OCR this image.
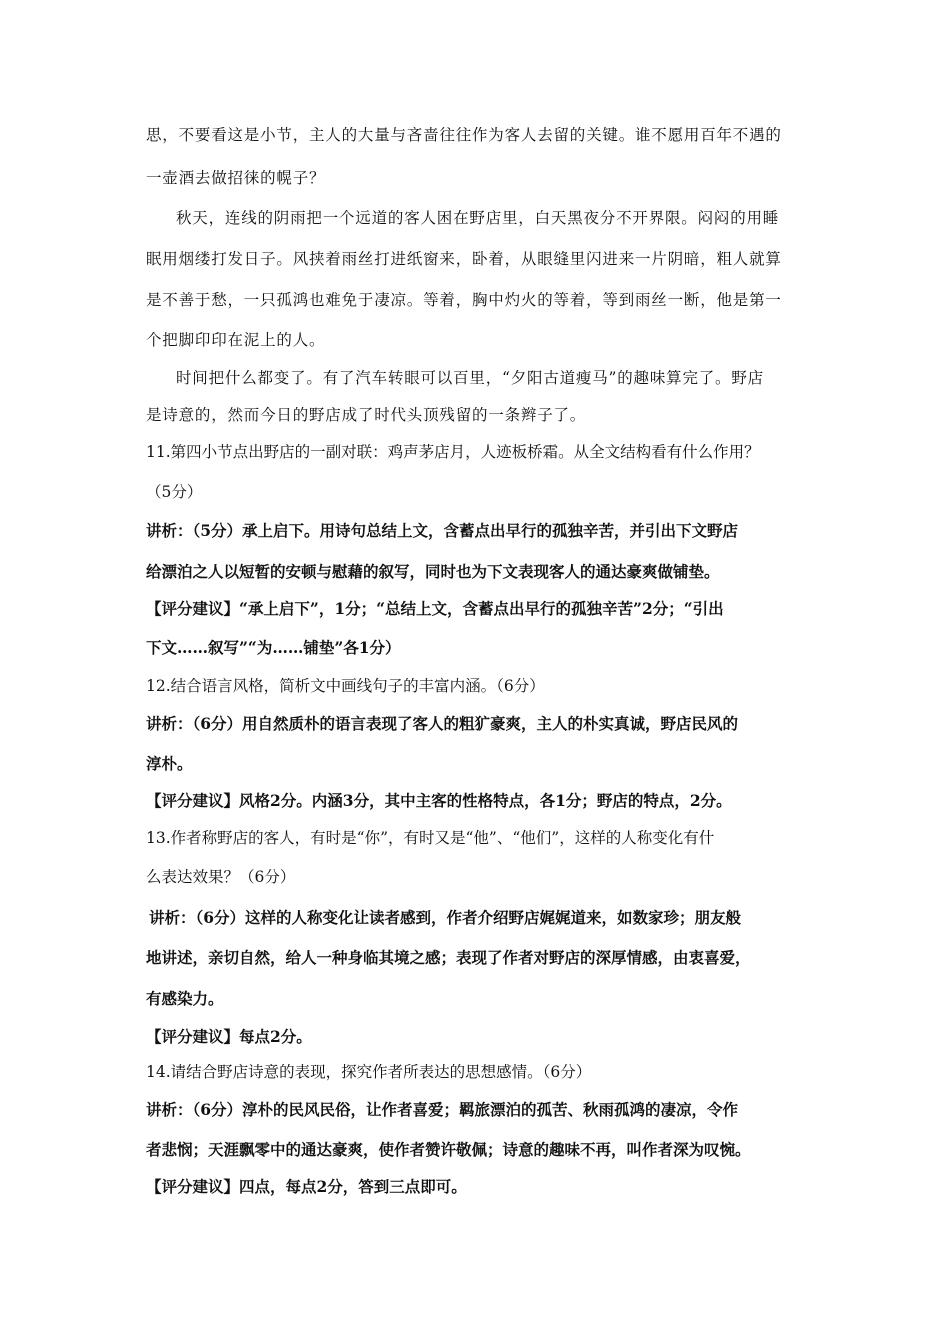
思，不要看这是小节，主人的大量与吝啬往往作为客人去留的关键。谁不愿用百年不遇的
一壶酒去做招徕的幌子？
秋天，连线的阴雨把一个远道的客人困在野店里，白天黑夜分不开界限。闷闷的用睡
眠用烟缕打发日子。风挟着雨丝打进纸窗来，卧着，从眼缝里闪进来一片阴暗，粗人就算
是不善于愁，一只孤鸿也难免于凄凉。等着，胸中灼火的等着，等到雨丝一断，他是第一
个把脚印印在泥上的人。
时间把什么都变了。有了汽车转眼可以百里，“夕阳古道瘦马”的趣味算完了。野店
是诗意的，然而今日的野店成了时代头顶残留的一条辫子了。
11.第四小节点出野店的一副对联：鸡声茅店月，人迹板桥霜。从全文结构看有什么作用？
（5分）
讲析：（5分）承上启下。用诗句总结上文，含蓄点出早行的孤独辛苦，并引出下文野店
给漂泊之人以短暂的安顿与慰藉的叙写，同时也为下文表现客人的通达豪爽做铺垫。
【评分建议】“承上启下”，1分；“总结上文，含蓄点出早行的孤独辛苦”2分；“引出
下文……叙写”“为……铺垫”各1分）
12.结合语言风格，简析文中画线句子的丰富内涵。（6分）
讲析：（6分）用自然质朴的语言表现了客人的粗犷豪爽，主人的朴实真诚，野店民风的
淳朴。
【评分建议】风格2分。内涵3分，其中主客的性格特点，各1分；野店的特点，2分。
13.作者称野店的客人，有时是“你”，有时又是“他”、“他们”，这样的人称变化有什
么表达效果？（6分）
讲析：（6分）这样的人称变化让读者感到，作者介绍野店娓娓道来，如数家珍；朋友般
地讲述，亲切自然，给人一种身临其境之感；表现了作者对野店的深厚情感，由衷喜爱，
有感染力。
【评分建议】每点2分。
14.请结合野店诗意的表现，探究作者所表达的思想感情。（6分）
讲析：（6分）淳朴的民风民俗，让作者喜爱；羁旅漂泊的孤苦、秋雨孤鸿的凄凉，令作
者悲悯；天涯飘零中的通达豪爽，使作者赞许敬佩；诗意的趣味不再，叫作者深为叹惋。
【评分建议】四点，每点2分，答到三点即可。
